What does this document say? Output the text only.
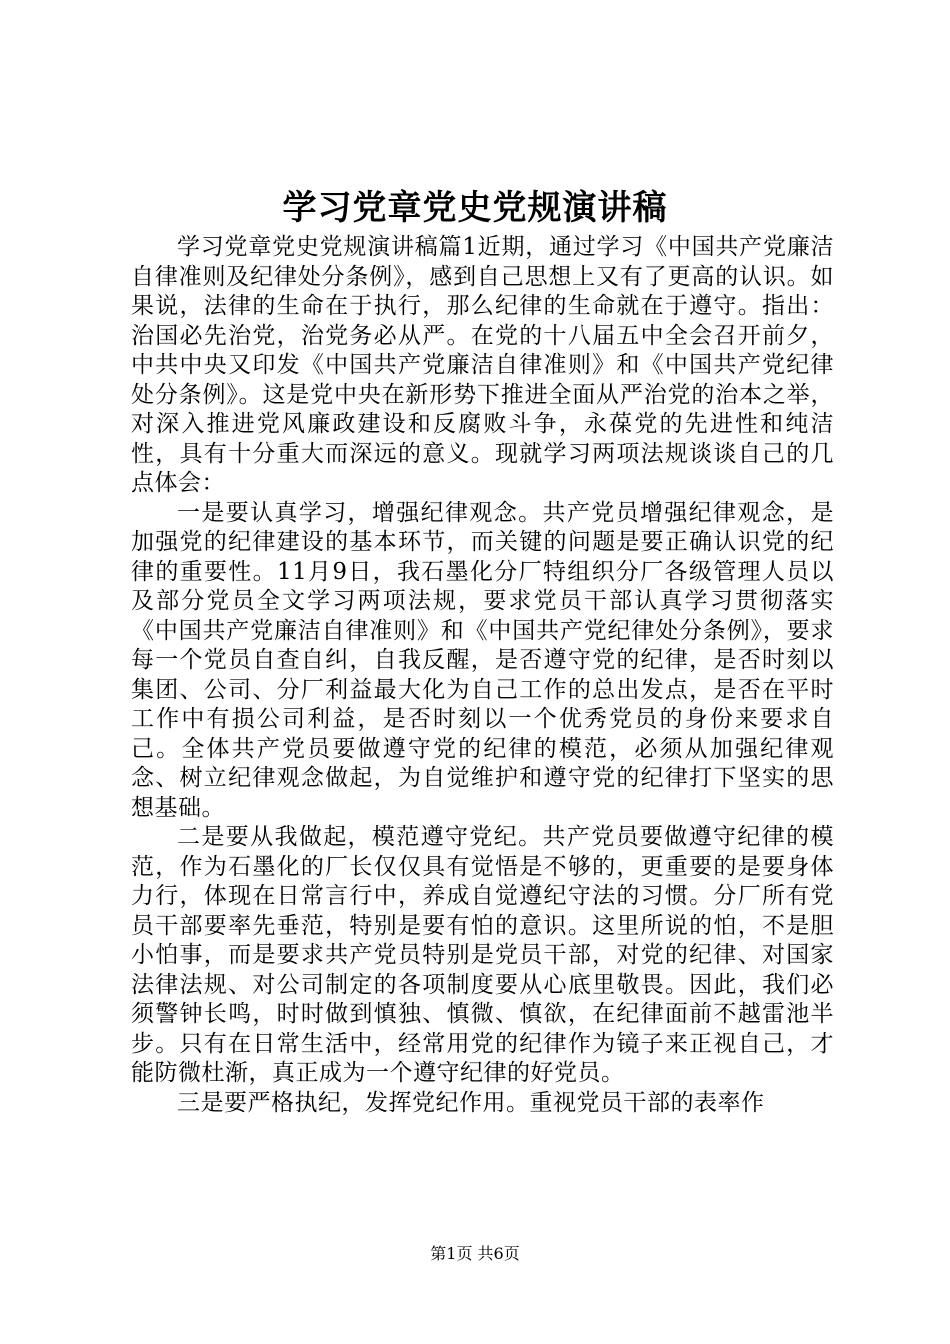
学习党章党史党规演讲稿

学习党章党史党规演讲稿篇1近期，通过学习《中国共产党廉洁自律准则及纪律处分条例》，感到自己思想上又有了更高的认识。如果说，法律的生命在于执行，那么纪律的生命就在于遵守。指出：治国必先治党，治党务必从严。在党的十八届五中全会召开前夕，中共中央又印发《中国共产党廉洁自律准则》和《中国共产党纪律处分条例》。这是党中央在新形势下推进全面从严治党的治本之举，对深入推进党风廉政建设和反腐败斗争，永葆党的先进性和纯洁性，具有十分重大而深远的意义。现就学习两项法规谈谈自己的几点体会：

一是要认真学习，增强纪律观念。共产党员增强纪律观念，是加强党的纪律建设的基本环节，而关键的问题是要正确认识党的纪律的重要性。11月9日，我石墨化分厂特组织分厂各级管理人员以及部分党员全文学习两项法规，要求党员干部认真学习贯彻落实《中国共产党廉洁自律准则》和《中国共产党纪律处分条例》，要求每一个党员自查自纠，自我反醒，是否遵守党的纪律，是否时刻以集团、公司、分厂利益最大化为自己工作的总出发点，是否在平时工作中有损公司利益，是否时刻以一个优秀党员的身份来要求自己。全体共产党员要做遵守党的纪律的模范，必须从加强纪律观念、树立纪律观念做起，为自觉维护和遵守党的纪律打下坚实的思想基础。

二是要从我做起，模范遵守党纪。共产党员要做遵守纪律的模范，作为石墨化的厂长仅仅具有觉悟是不够的，更重要的是要身体力行，体现在日常言行中，养成自觉遵纪守法的习惯。分厂所有党员干部要率先垂范，特别是要有怕的意识。这里所说的怕，不是胆小怕事，而是要求共产党员特别是党员干部，对党的纪律、对国家法律法规、对公司制定的各项制度要从心底里敬畏。因此，我们必须警钟长鸣，时时做到慎独、慎微、慎欲，在纪律面前不越雷池半步。只有在日常生活中，经常用党的纪律作为镜子来正视自己，才能防微杜渐，真正成为一个遵守纪律的好党员。

三是要严格执纪，发挥党纪作用。重视党员干部的表率作

第1页 共6页
